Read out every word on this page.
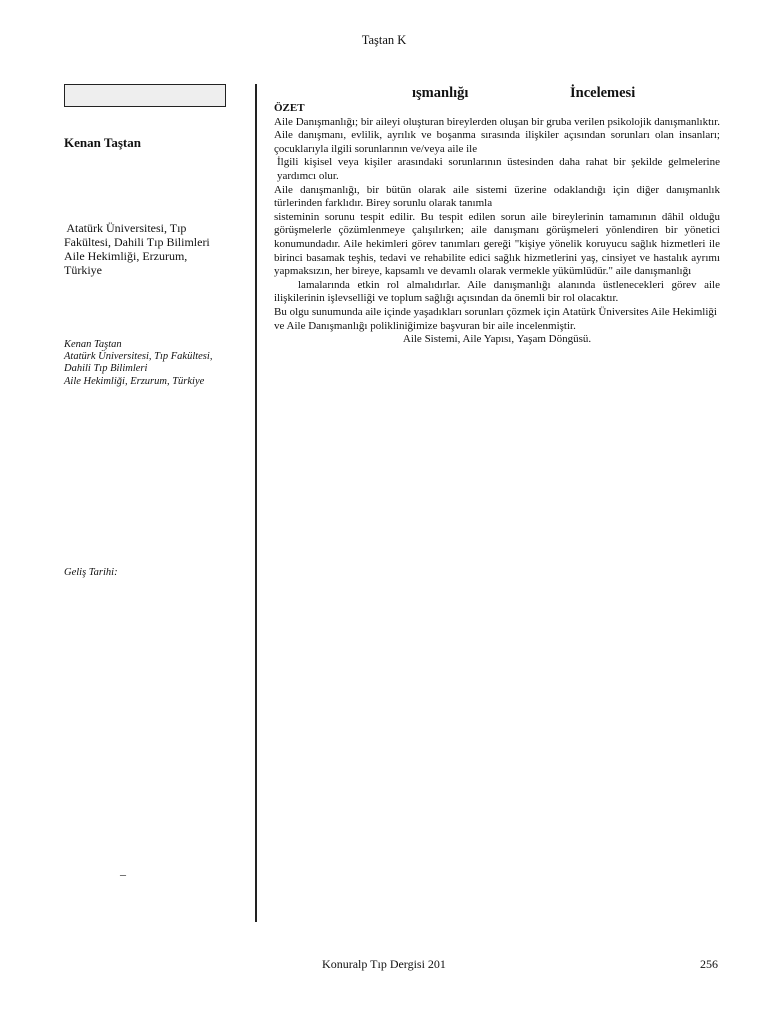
Taştan K
Kenan Taştan
Atatürk Üniversitesi, Tıp
Fakültesi, Dahili Tıp Bilimleri
Aile Hekimliği, Erzurum,
Türkiye
Kenan Taştan
Atatürk Üniversitesi, Tıp Fakültesi,
Dahili Tıp Bilimleri
Aile Hekimliği, Erzurum, Türkiye
Geliş Tarihi:
–
ışmanlığı	İncelemesi

ÖZET

Aile Danışmanlığı; bir aileyi oluşturan bireylerden oluşan bir gruba verilen psikolojik danışmanlıktır. Aile danışmanı, evlilik, ayrılık ve boşanma sırasında ilişkiler açısından sorunları olan insanları; çocuklarıyla ilgili sorunlarının ve/veya aile ile

İlgili kişisel veya kişiler arasındaki sorunlarının üstesinden daha rahat bir şekilde gelmelerine yardımcı olur.

Aile danışmanlığı, bir bütün olarak aile sistemi üzerine odaklandığı için diğer danışmanlık türlerinden farklıdır. Birey sorunlu olarak tanımla

sisteminin sorunu tespit edilir. Bu tespit edilen sorun aile bireylerinin tamamının dâhil olduğu görüşmelerle çözümlenmeye çalışılırken; aile danışmanı görüşmeleri yönlendiren bir yönetici konumundadır. Aile hekimleri görev tanımları gereği "kişiye yönelik koruyucu sağlık hizmetleri ile birinci basamak teşhis, tedavi ve rehabilite edici sağlık hizmetlerini yaş, cinsiyet ve hastalık ayrımı yapmaksızın, her bireye, kapsamlı ve devamlı olarak vermekle yükümlüdür." aile danışmanlığı

lamalarında etkin rol almalıdırlar. Aile danışmanlığı alanında üstlenecekleri görev aile ilişkilerinin işlevselliği ve toplum sağlığı açısından da önemli bir rol olacaktır.

Bu olgu sunumunda aile içinde yaşadıkları sorunları çözmek için Atatürk Üniversites Aile Hekimliği ve Aile Danışmanlığı polikliniğimize başvuran bir aile incelenmiştir.

Aile Sistemi, Aile Yapısı, Yaşam Döngüsü.

Konuralp Tıp Dergisi 201	256
